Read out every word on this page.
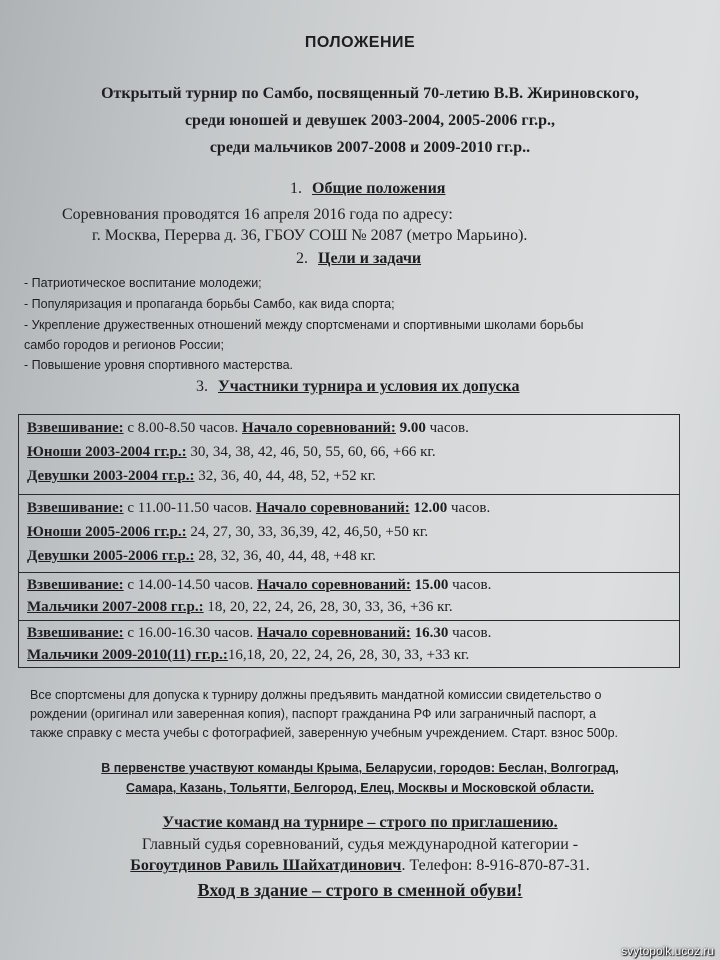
ПОЛОЖЕНИЕ
Открытый турнир по Самбо, посвященный 70-летию В.В. Жириновского,
среди юношей и девушек 2003-2004, 2005-2006 гг.р.,
среди мальчиков 2007-2008 и 2009-2010 гг.р..
1. Общие положения
Соревнования проводятся 16 апреля 2016 года по адресу:
г. Москва, Перерва д. 36, ГБОУ СОШ № 2087 (метро Марьино).
2. Цели и задачи
- Патриотическое воспитание молодежи;
- Популяризация и пропаганда борьбы Самбо, как вида спорта;
- Укрепление дружественных отношений между спортсменами и спортивными школами борьбы
самбо городов и регионов России;
- Повышение уровня спортивного мастерства.
3. Участники турнира и условия их допуска
Взвешивание: с 8.00-8.50 часов. Начало соревнований: 9.00 часов.
Юноши 2003-2004 гг.р.: 30, 34, 38, 42, 46, 50, 55, 60, 66, +66 кг.
Девушки 2003-2004 гг.р.: 32, 36, 40, 44, 48, 52, +52 кг.
Взвешивание: с 11.00-11.50 часов. Начало соревнований: 12.00 часов.
Юноши 2005-2006 гг.р.: 24, 27, 30, 33, 36,39, 42, 46,50, +50 кг.
Девушки 2005-2006 гг.р.: 28, 32, 36, 40, 44, 48, +48 кг.
Взвешивание: с 14.00-14.50 часов. Начало соревнований: 15.00 часов.
Мальчики 2007-2008 гг.р.: 18, 20, 22, 24, 26, 28, 30, 33, 36, +36 кг.
Взвешивание: с 16.00-16.30 часов. Начало соревнований: 16.30 часов.
Мальчики 2009-2010(11) гг.р.:16,18, 20, 22, 24, 26, 28, 30, 33, +33 кг.
Все спортсмены для допуска к турниру должны предъявить мандатной комиссии свидетельство о
рождении (оригинал или заверенная копия), паспорт гражданина РФ или заграничный паспорт, а
также справку с места учебы с фотографией, заверенную учебным учреждением. Старт. взнос 500р.
В первенстве участвуют команды Крыма, Беларусии, городов: Беслан, Волгоград,
Самара, Казань, Тольятти, Белгород, Елец, Москвы и Московской области.
Участие команд на турнире – строго по приглашению.
Главный судья соревнований, судья международной категории -
Богоутдинов Равиль Шайхатдинович. Телефон: 8-916-870-87-31.
Вход в здание – строго в сменной обуви!
svytopolk.ucoz.ru
